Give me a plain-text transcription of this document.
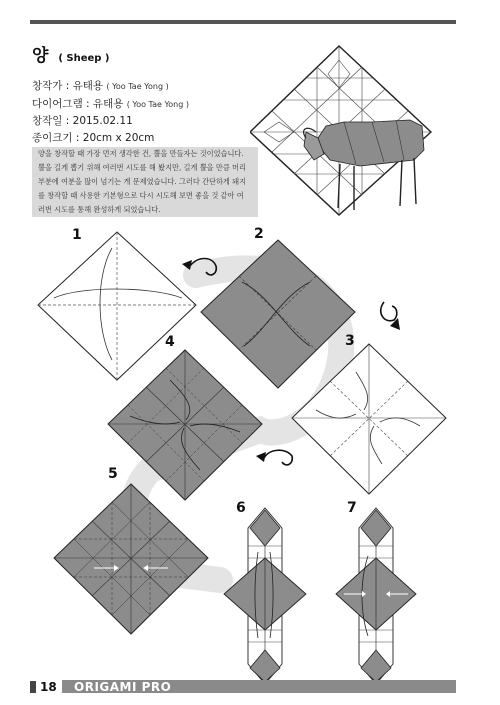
양 ( Sheep )
창작가 : 유태용 ( Yoo Tae Yong )
다이어그램 : 유태용 ( Yoo Tae Yong )
창작일 : 2015.02.11
종이크기 : 20cm x 20cm
양을 창작할 때 가장 먼저 생각한 건, 뿔을 만들자는 것이었습니다.
뿔을 길게 뽑기 위해 여러번 시도를 해 봤지만, 길게 뿔을 만큼 머리
부분에 여분을 많이 넘기는 게 문제였습니다. 그러다 간단하게 돼지
를 창작할 때 사용한 기본형으로 다시 시도해 보면 좋을 것 같아 여
러번 시도를 통해 완성하게 되었습니다.
1	2
3
4
5
6	7
18 ORIGAMI PRO
